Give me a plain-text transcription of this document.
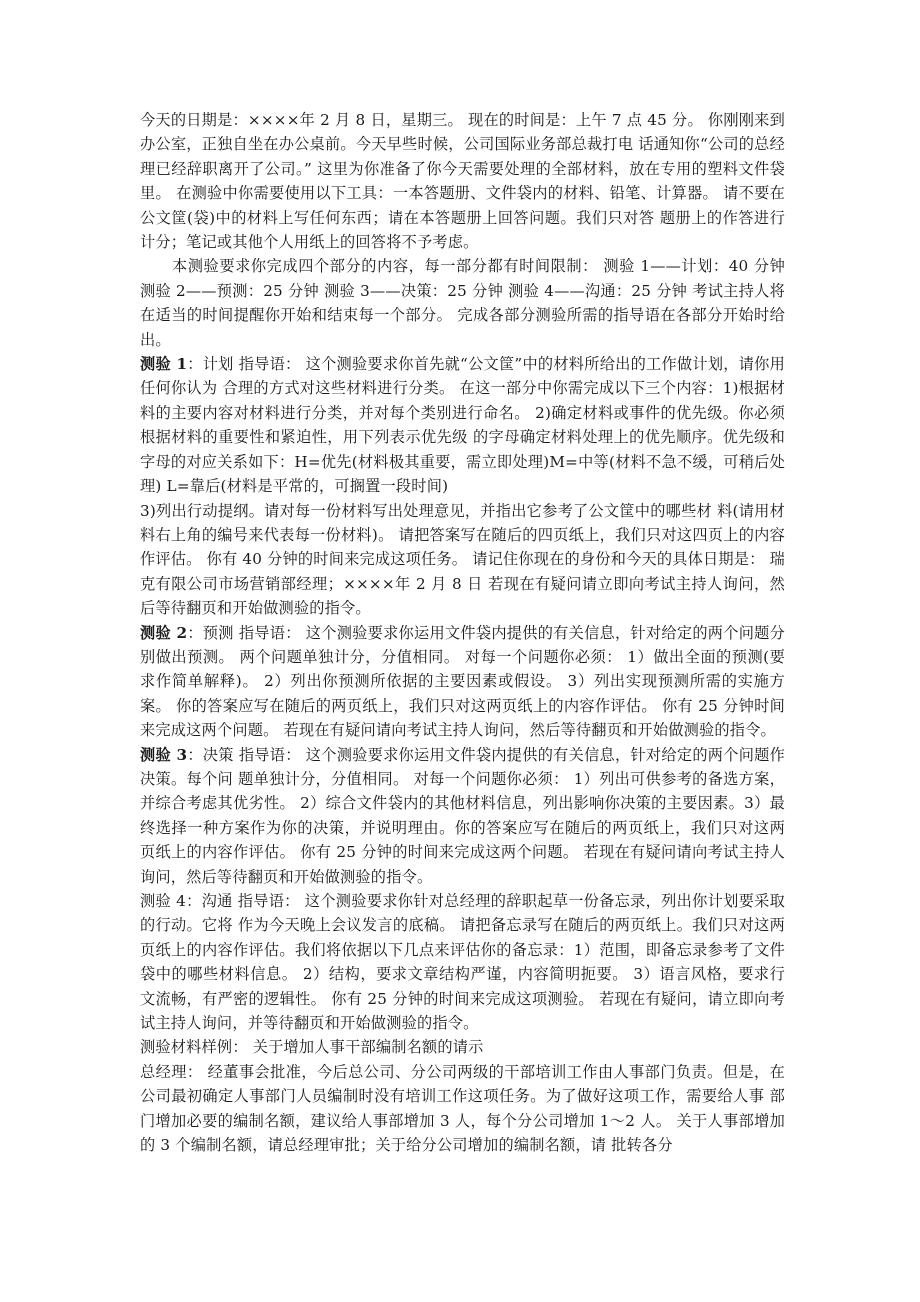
今天的日期是：××××年 2 月 8 日，星期三。 现在的时间是：上午 7 点 45 分。 你刚刚来到办公室，正独自坐在办公桌前。今天早些时候，公司国际业务部总裁打电 话通知你“公司的总经理已经辞职离开了公司。” 这里为你准备了你今天需要处理的全部材料，放在专用的塑料文件袋里。 在测验中你需要使用以下工具：一本答题册、文件袋内的材料、铅笔、计算器。 请不要在公文筐(袋)中的材料上写任何东西；请在本答题册上回答问题。我们只对答 题册上的作答进行计分；笔记或其他个人用纸上的回答将不予考虑。

本测验要求你完成四个部分的内容，每一部分都有时间限制： 测验 1——计划：40 分钟 测验 2——预测：25 分钟 测验 3——决策：25 分钟 测验 4——沟通：25 分钟 考试主持人将在适当的时间提醒你开始和结束每一个部分。 完成各部分测验所需的指导语在各部分开始时给出。

测验 1：计划 指导语： 这个测验要求你首先就“公文筐”中的材料所给出的工作做计划，请你用任何你认为 合理的方式对这些材料进行分类。 在这一部分中你需完成以下三个内容：1)根据材料的主要内容对材料进行分类，并对每个类别进行命名。 2)确定材料或事件的优先级。你必须根据材料的重要性和紧迫性，用下列表示优先级 的字母确定材料处理上的优先顺序。优先级和字母的对应关系如下：H=优先(材料极其重要，需立即处理)M=中等(材料不急不缓，可稍后处理) L=靠后(材料是平常的，可搁置一段时间)

3)列出行动提纲。请对每一份材料写出处理意见，并指出它参考了公文筐中的哪些材 料(请用材料右上角的编号来代表每一份材料)。 请把答案写在随后的四页纸上，我们只对这四页上的内容作评估。 你有 40 分钟的时间来完成这项任务。 请记住你现在的身份和今天的具体日期是： 瑞克有限公司市场营销部经理；××××年 2 月 8 日 若现在有疑问请立即向考试主持人询问，然后等待翻页和开始做测验的指令。

测验 2：预测 指导语： 这个测验要求你运用文件袋内提供的有关信息，针对给定的两个问题分别做出预测。 两个问题单独计分，分值相同。 对每一个问题你必须： 1）做出全面的预测(要求作简单解释)。 2）列出你预测所依据的主要因素或假设。 3）列出实现预测所需的实施方案。 你的答案应写在随后的两页纸上，我们只对这两页纸上的内容作评估。 你有 25 分钟时间来完成这两个问题。 若现在有疑问请向考试主持人询问，然后等待翻页和开始做测验的指令。

测验 3：决策 指导语： 这个测验要求你运用文件袋内提供的有关信息，针对给定的两个问题作决策。每个问 题单独计分，分值相同。 对每一个问题你必须： 1）列出可供参考的备选方案，并综合考虑其优劣性。 2）综合文件袋内的其他材料信息，列出影响你决策的主要因素。3）最终选择一种方案作为你的决策，并说明理由。你的答案应写在随后的两页纸上，我们只对这两页纸上的内容作评估。 你有 25 分钟的时间来完成这两个问题。 若现在有疑问请向考试主持人询问，然后等待翻页和开始做测验的指令。

测验 4：沟通 指导语： 这个测验要求你针对总经理的辞职起草一份备忘录，列出你计划要采取的行动。它将 作为今天晚上会议发言的底稿。 请把备忘录写在随后的两页纸上。我们只对这两页纸上的内容作评估。我们将依据以下几点来评估你的备忘录：1）范围，即备忘录参考了文件袋中的哪些材料信息。 2）结构，要求文章结构严谨，内容简明扼要。 3）语言风格，要求行文流畅，有严密的逻辑性。 你有 25 分钟的时间来完成这项测验。 若现在有疑问，请立即向考试主持人询问，并等待翻页和开始做测验的指令。

测验材料样例： 关于增加人事干部编制名额的请示

总经理： 经董事会批准，今后总公司、分公司两级的干部培训工作由人事部门负责。但是，在 公司最初确定人事部门人员编制时没有培训工作这项任务。为了做好这项工作，需要给人事 部门增加必要的编制名额，建议给人事部增加 3 人，每个分公司增加 1～2 人。 关于人事部增加的 3 个编制名额，请总经理审批；关于给分公司增加的编制名额，请 批转各分
